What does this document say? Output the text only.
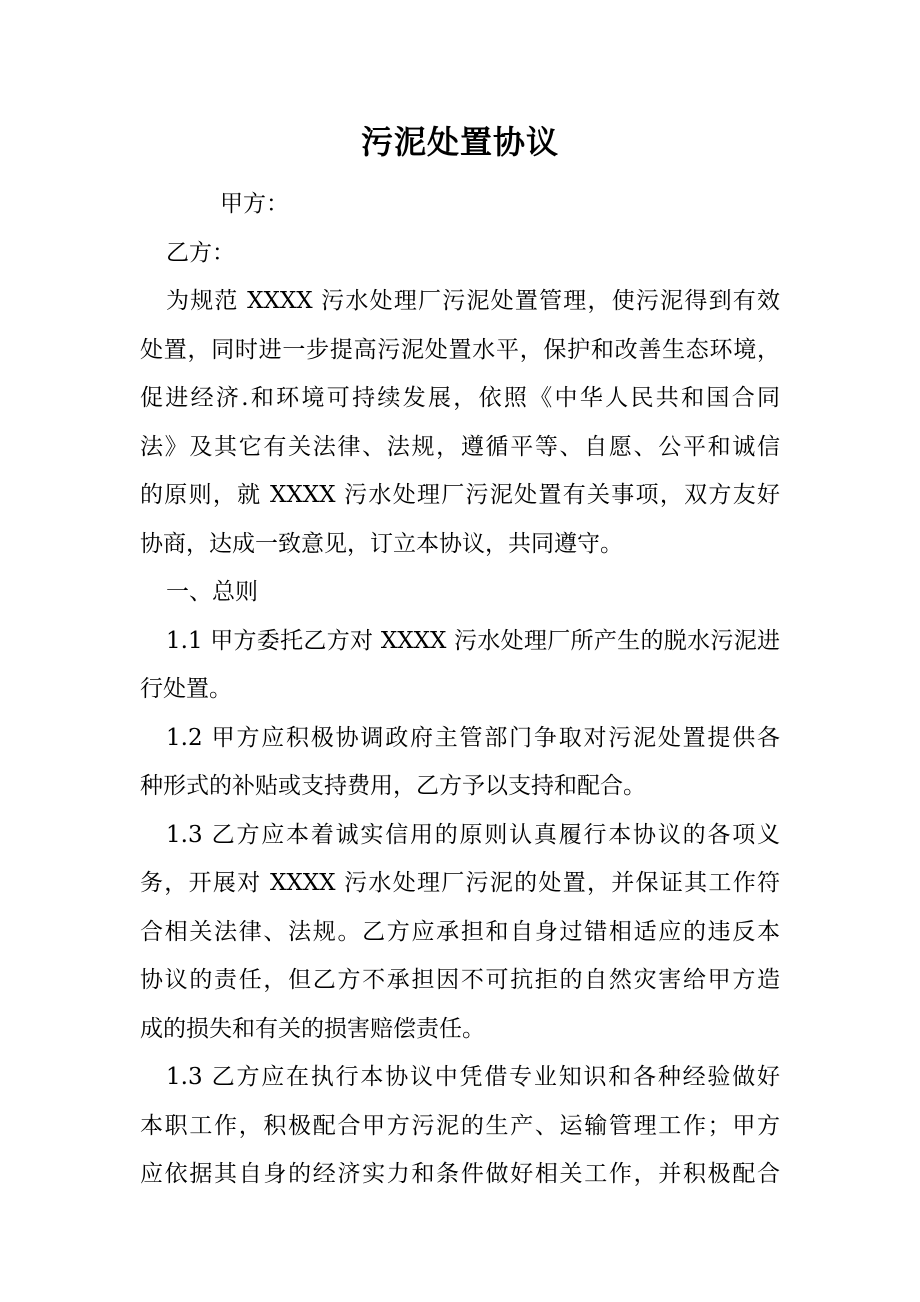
污泥处置协议
甲方：
乙方：
为规范 XXXX 污水处理厂污泥处置管理，使污泥得到有效
处置，同时进一步提高污泥处置水平，保护和改善生态环境，
促进经济.和环境可持续发展，依照《中华人民共和国合同
法》及其它有关法律、法规，遵循平等、自愿、公平和诚信
的原则，就 XXXX 污水处理厂污泥处置有关事项，双方友好
协商，达成一致意见，订立本协议，共同遵守。
一、总则
1.1 甲方委托乙方对 XXXX 污水处理厂所产生的脱水污泥进
行处置。
1.2 甲方应积极协调政府主管部门争取对污泥处置提供各
种形式的补贴或支持费用，乙方予以支持和配合。
1.3 乙方应本着诚实信用的原则认真履行本协议的各项义
务，开展对 XXXX 污水处理厂污泥的处置，并保证其工作符
合相关法律、法规。乙方应承担和自身过错相适应的违反本
协议的责任，但乙方不承担因不可抗拒的自然灾害给甲方造
成的损失和有关的损害赔偿责任。
1.3 乙方应在执行本协议中凭借专业知识和各种经验做好
本职工作，积极配合甲方污泥的生产、运输管理工作；甲方
应依据其自身的经济实力和条件做好相关工作，并积极配合
